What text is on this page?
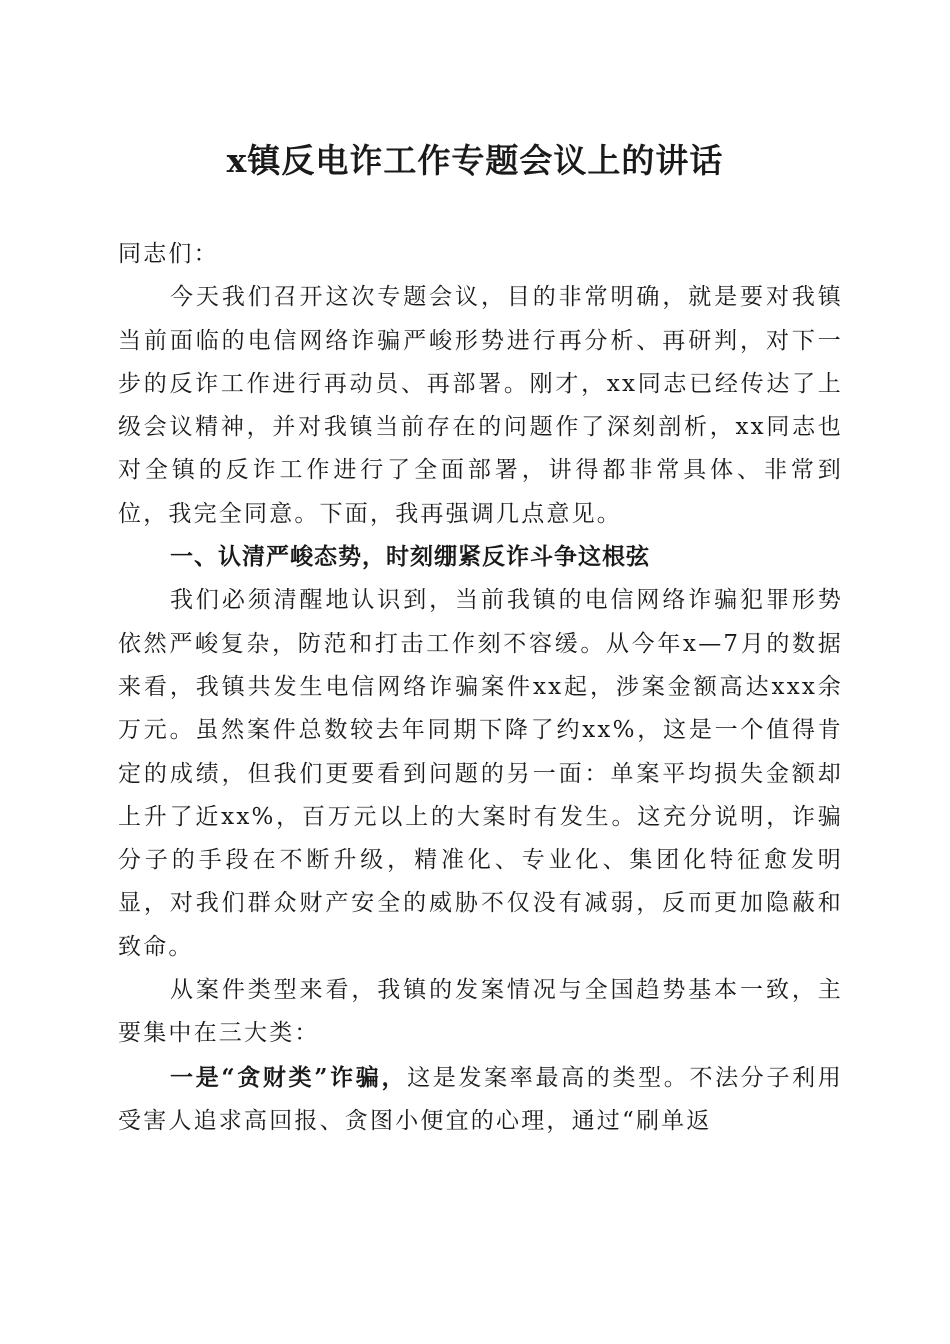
x镇反电诈工作专题会议上的讲话

同志们：

今天我们召开这次专题会议，目的非常明确，就是要对我镇当前面临的电信网络诈骗严峻形势进行再分析、再研判，对下一步的反诈工作进行再动员、再部署。刚才，xx同志已经传达了上级会议精神，并对我镇当前存在的问题作了深刻剖析，xx同志也对全镇的反诈工作进行了全面部署，讲得都非常具体、非常到位，我完全同意。下面，我再强调几点意见。

一、认清严峻态势，时刻绷紧反诈斗争这根弦

我们必须清醒地认识到，当前我镇的电信网络诈骗犯罪形势依然严峻复杂，防范和打击工作刻不容缓。从今年x—7月的数据来看，我镇共发生电信网络诈骗案件xx起，涉案金额高达xxx余万元。虽然案件总数较去年同期下降了约xx%，这是一个值得肯定的成绩，但我们更要看到问题的另一面：单案平均损失金额却上升了近xx%，百万元以上的大案时有发生。这充分说明，诈骗分子的手段在不断升级，精准化、专业化、集团化特征愈发明显，对我们群众财产安全的威胁不仅没有减弱，反而更加隐蔽和致命。

从案件类型来看，我镇的发案情况与全国趋势基本一致，主要集中在三大类：

一是“贪财类”诈骗，这是发案率最高的类型。不法分子利用受害人追求高回报、贪图小便宜的心理，通过“刷单返
